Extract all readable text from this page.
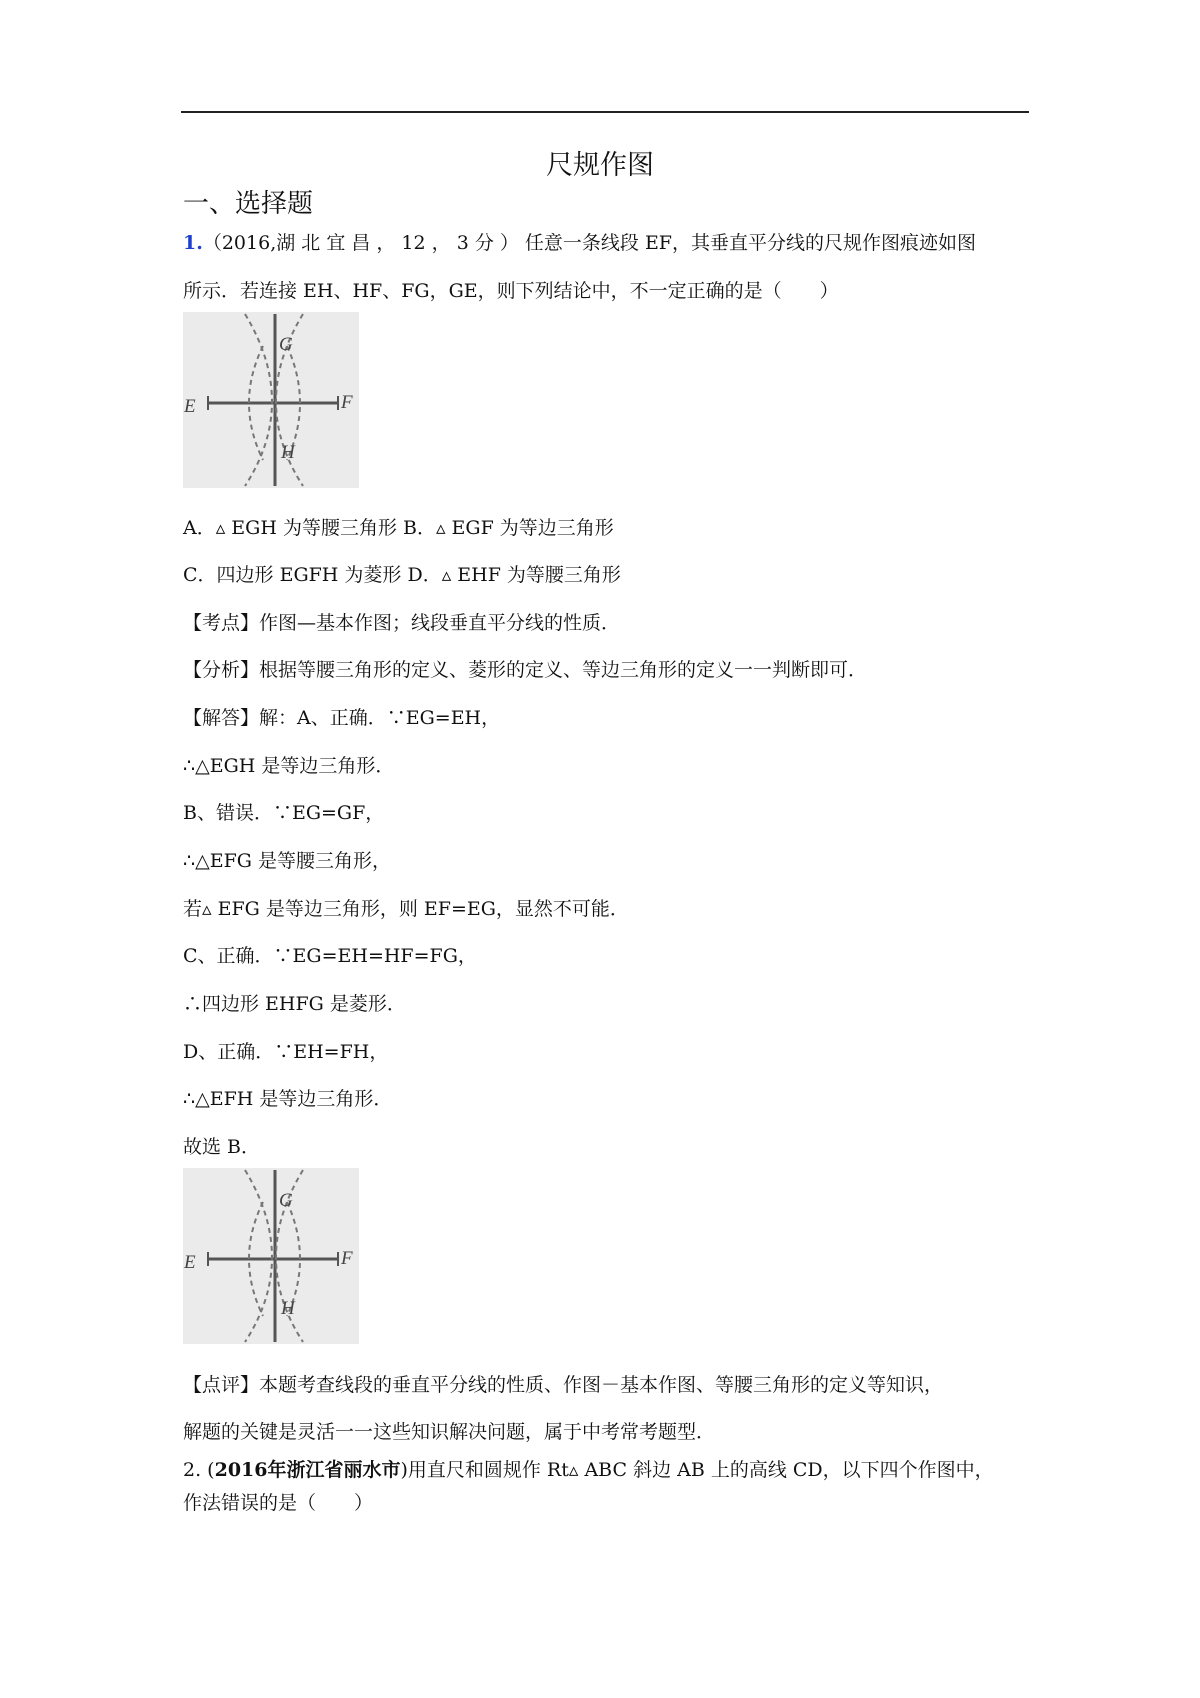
尺规作图
一、选择题
1.（2016,湖 北 宜 昌 ， 12 ， 3 分 ） 任意一条线段 EF，其垂直平分线的尺规作图痕迹如图
所示．若连接 EH、HF、FG，GE，则下列结论中，不一定正确的是（　　）
G
E	F
H
A．▵ EGH 为等腰三角形 B．▵ EGF 为等边三角形
C．四边形 EGFH 为菱形 D．▵ EHF 为等腰三角形
【考点】作图—基本作图；线段垂直平分线的性质．
【分析】根据等腰三角形的定义、菱形的定义、等边三角形的定义一一判断即可．
【解答】解：A、正确．∵EG=EH，
∴△EGH 是等边三角形．
B、错误．∵EG=GF，
∴△EFG 是等腰三角形，
若▵ EFG 是等边三角形，则 EF=EG，显然不可能．
C、正确．∵EG=EH=HF=FG，
∴四边形 EHFG 是菱形．
D、正确．∵EH=FH，
∴△EFH 是等边三角形．
故选 B．
G
E	F
H
【点评】本题考查线段的垂直平分线的性质、作图－基本作图、等腰三角形的定义等知识，
解题的关键是灵活一一这些知识解决问题，属于中考常考题型．
2. (2016年浙江省丽水市)用直尺和圆规作 Rt▵ ABC 斜边 AB 上的高线 CD，以下四个作图中，
作法错误的是（　　）
